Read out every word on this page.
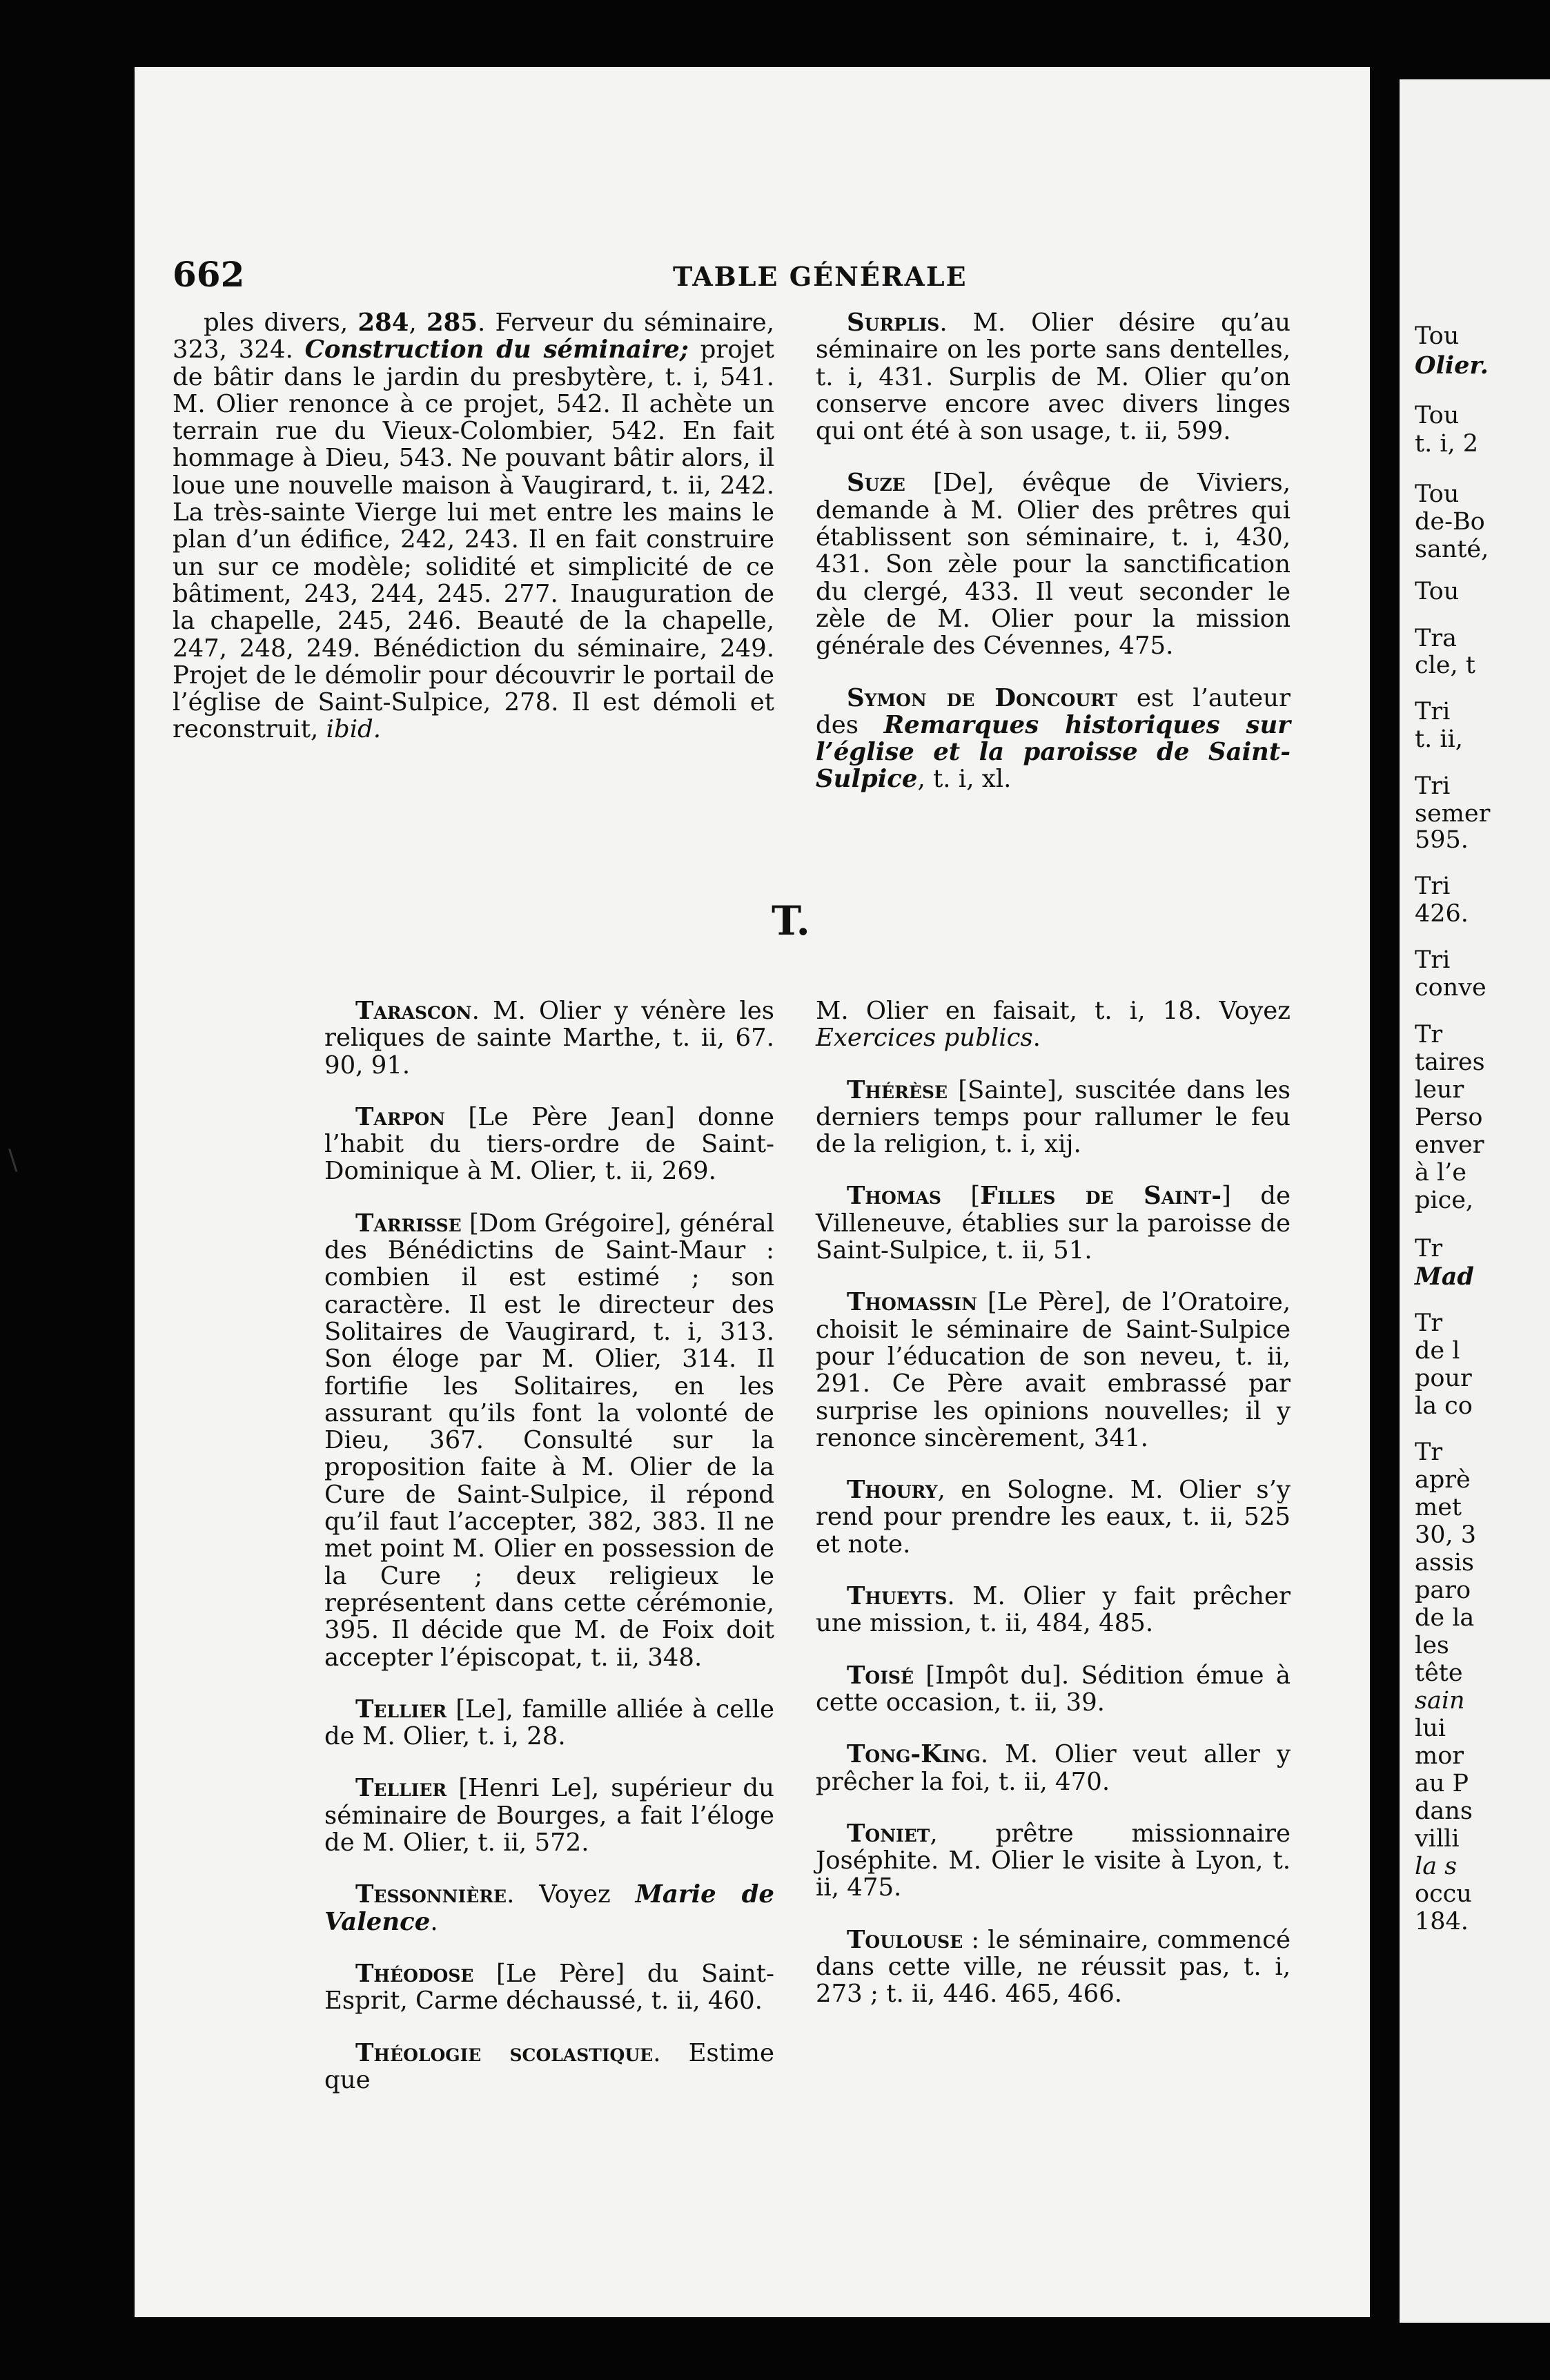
662	TABLE GÉNÉRALE

ples divers, 284, 285. Ferveur du séminaire, 323, 324. Construction du séminaire; projet de bâtir dans le jardin du presbytère, t. i, 541. M. Olier renonce à ce projet, 542. Il achète un terrain rue du Vieux-Colombier, 542. En fait hommage à Dieu, 543. Ne pouvant bâtir alors, il loue une nouvelle maison à Vaugirard, t. ii, 242. La très-sainte Vierge lui met entre les mains le plan d’un édifice, 242, 243. Il en fait construire un sur ce modèle; solidité et simplicité de ce bâtiment, 243, 244, 245. 277. Inauguration de la chapelle, 245, 246. Beauté de la chapelle, 247, 248, 249. Bénédiction du séminaire, 249. Projet de le démolir pour découvrir le portail de l’église de Saint-Sulpice, 278. Il est démoli et reconstruit, ibid.

Surplis. M. Olier désire qu’au séminaire on les porte sans dentelles, t. i, 431. Surplis de M. Olier qu’on conserve encore avec divers linges qui ont été à son usage, t. ii, 599.

Suze [De], évêque de Viviers, demande à M. Olier des prêtres qui établissent son séminaire, t. i, 430, 431. Son zèle pour la sanctification du clergé, 433. Il veut seconder le zèle de M. Olier pour la mission générale des Cévennes, 475.

Symon de Doncourt est l’auteur des Remarques historiques sur l’église et la paroisse de Saint-Sulpice, t. i, xl.

T.

Tarascon. M. Olier y vénère les reliques de sainte Marthe, t. ii, 67. 90, 91.

Tarpon [Le Père Jean] donne l’habit du tiers-ordre de Saint-Dominique à M. Olier, t. ii, 269.

Tarrisse [Dom Grégoire], général des Bénédictins de Saint-Maur : combien il est estimé ; son caractère. Il est le directeur des Solitaires de Vaugirard, t. i, 313. Son éloge par M. Olier, 314. Il fortifie les Solitaires, en les assurant qu’ils font la volonté de Dieu, 367. Consulté sur la proposition faite à M. Olier de la Cure de Saint-Sulpice, il répond qu’il faut l’accepter, 382, 383. Il ne met point M. Olier en possession de la Cure ; deux religieux le représentent dans cette cérémonie, 395. Il décide que M. de Foix doit accepter l’épiscopat, t. ii, 348.

Tellier [Le], famille alliée à celle de M. Olier, t. i, 28.

Tellier [Henri Le], supérieur du séminaire de Bourges, a fait l’éloge de M. Olier, t. ii, 572.

Tessonnière. Voyez Marie de Valence.

Théodose [Le Père] du Saint-Esprit, Carme déchaussé, t. ii, 460.

Théologie scolastique. Estime que

M. Olier en faisait, t. i, 18. Voyez Exercices publics.

Thérèse [Sainte], suscitée dans les derniers temps pour rallumer le feu de la religion, t. i, xij.

Thomas [Filles de Saint-] de Villeneuve, établies sur la paroisse de Saint-Sulpice, t. ii, 51.

Thomassin [Le Père], de l’Oratoire, choisit le séminaire de Saint-Sulpice pour l’éducation de son neveu, t. ii, 291. Ce Père avait embrassé par surprise les opinions nouvelles; il y renonce sincèrement, 341.

Thoury, en Sologne. M. Olier s’y rend pour prendre les eaux, t. ii, 525 et note.

Thueyts. M. Olier y fait prêcher une mission, t. ii, 484, 485.

Toisé [Impôt du]. Sédition émue à cette occasion, t. ii, 39.

Tong-King. M. Olier veut aller y prêcher la foi, t. ii, 470.

Toniet, prêtre missionnaire Joséphite. M. Olier le visite à Lyon, t. ii, 475.

Toulouse : le séminaire, commencé dans cette ville, ne réussit pas, t. i, 273 ; t. ii, 446. 465, 466.

Tou
Olier.
Tou
t. i, 2
Tou
de-Bo
santé,
Tou
Tra
cle, t
Tri
t. ii,
Tri
semer
595.
Tri
426.
Tri
conve
Tr
taires
leur
Perso
enver
à l’e
pice,
Tr
Mad
Tr
de l
pour
la co
Tr
aprè
met
30, 3
assis
paro
de la
les
tête
sain
lui
mor
au P
dans
villi
la s
occu
184.
\
